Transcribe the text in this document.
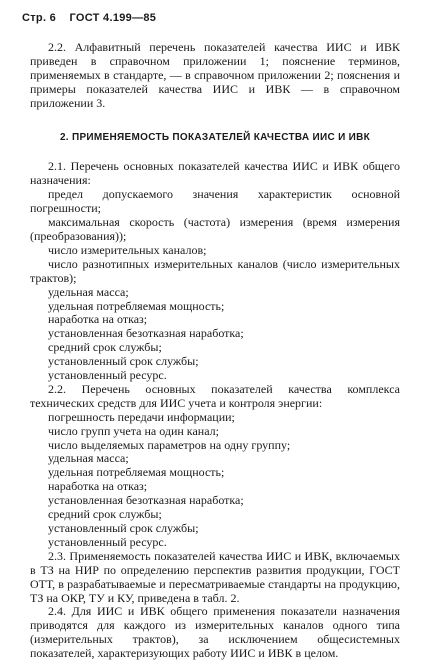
Стр. 6 ГОСТ 4.199—85

2.2. Алфавитный перечень показателей качества ИИС и ИВК приведен в справочном приложении 1; пояснение терминов, применяемых в стандарте, — в справочном приложении 2; пояснения и примеры показателей качества ИИС и ИВК — в справочном приложении 3.

2. ПРИМЕНЯЕМОСТЬ ПОКАЗАТЕЛЕЙ КАЧЕСТВА ИИС И ИВК

2.1. Перечень основных показателей качества ИИС и ИВК общего назначения:

предел допускаемого значения характеристик основной погрешности;
максимальная скорость (частота) измерения (время измерения (преобразования));
число измерительных каналов;
число разнотипных измерительных каналов (число измерительных трактов);
удельная масса;
удельная потребляемая мощность;
наработка на отказ;
установленная безотказная наработка;
средний срок службы;
установленный срок службы;
установленный ресурс.

2.2. Перечень основных показателей качества комплекса технических средств для ИИС учета и контроля энергии:

погрешность передачи информации;
число групп учета на один канал;
число выделяемых параметров на одну группу;
удельная масса;
удельная потребляемая мощность;
наработка на отказ;
установленная безотказная наработка;
средний срок службы;
установленный срок службы;
установленный ресурс.

2.3. Применяемость показателей качества ИИС и ИВК, включаемых в ТЗ на НИР по определению перспектив развития продукции, ГОСТ ОТТ, в разрабатываемые и пересматриваемые стандарты на продукцию, ТЗ на ОКР, ТУ и КУ, приведена в табл. 2.

2.4. Для ИИС и ИВК общего применения показатели назначения приводятся для каждого из измерительных каналов одного типа (измерительных трактов), за исключением общесистемных показателей, характеризующих работу ИИС и ИВК в целом.
